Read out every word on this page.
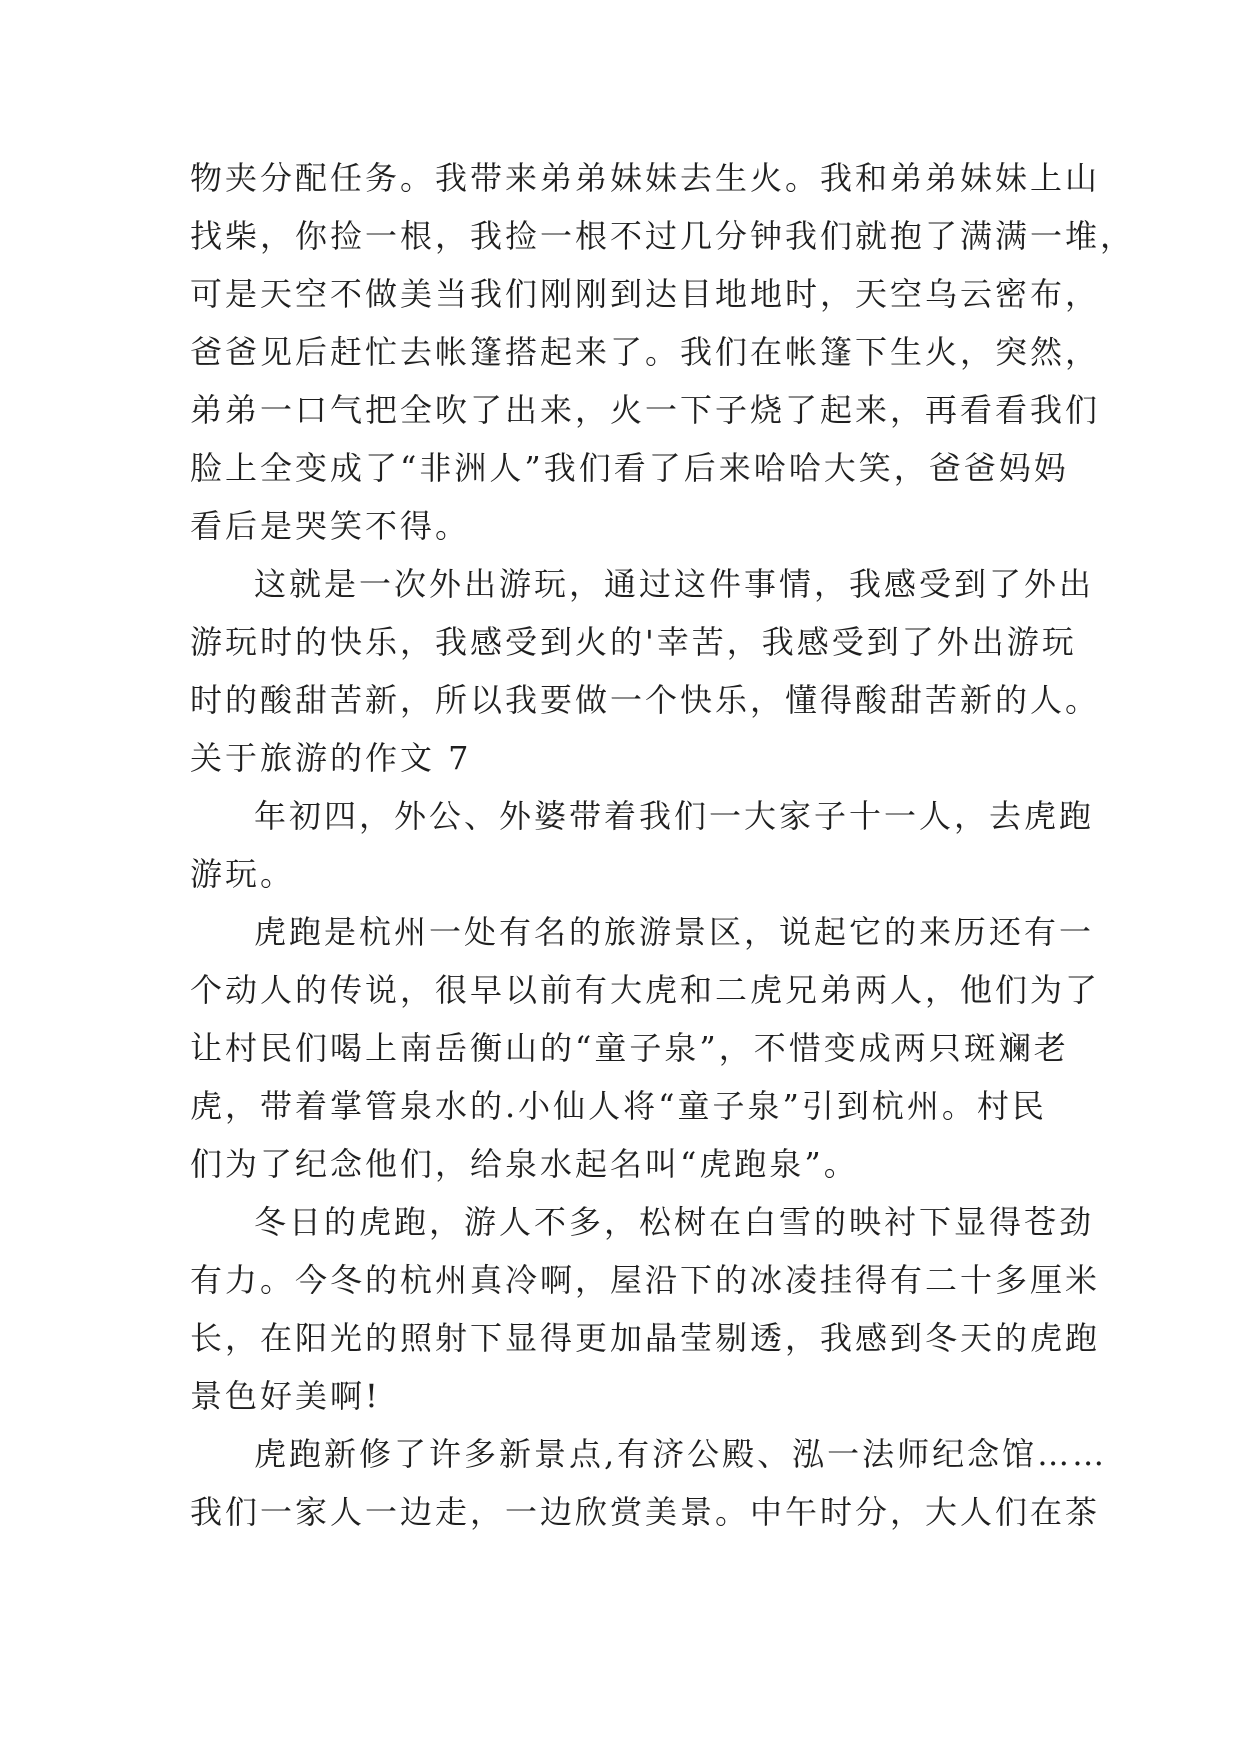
物夹分配任务。我带来弟弟妹妹去生火。我和弟弟妹妹上山
找柴，你捡一根，我捡一根不过几分钟我们就抱了满满一堆，
可是天空不做美当我们刚刚到达目地地时，天空乌云密布，
爸爸见后赶忙去帐篷搭起来了。我们在帐篷下生火，突然，
弟弟一口气把全吹了出来，火一下子烧了起来，再看看我们
脸上全变成了“非洲人”我们看了后来哈哈大笑，爸爸妈妈
看后是哭笑不得。
这就是一次外出游玩，通过这件事情，我感受到了外出
游玩时的快乐，我感受到火的'幸苦，我感受到了外出游玩
时的酸甜苦新，所以我要做一个快乐，懂得酸甜苦新的人。
关于旅游的作文 7
年初四，外公、外婆带着我们一大家子十一人，去虎跑
游玩。
虎跑是杭州一处有名的旅游景区，说起它的来历还有一
个动人的传说，很早以前有大虎和二虎兄弟两人，他们为了
让村民们喝上南岳衡山的“童子泉”，不惜变成两只斑斓老
虎，带着掌管泉水的.小仙人将“童子泉”引到杭州。村民
们为了纪念他们，给泉水起名叫“虎跑泉”。
冬日的虎跑，游人不多，松树在白雪的映衬下显得苍劲
有力。今冬的杭州真冷啊，屋沿下的冰凌挂得有二十多厘米
长，在阳光的照射下显得更加晶莹剔透，我感到冬天的虎跑
景色好美啊!
虎跑新修了许多新景点,有济公殿、泓一法师纪念馆……
我们一家人一边走，一边欣赏美景。中午时分，大人们在茶
